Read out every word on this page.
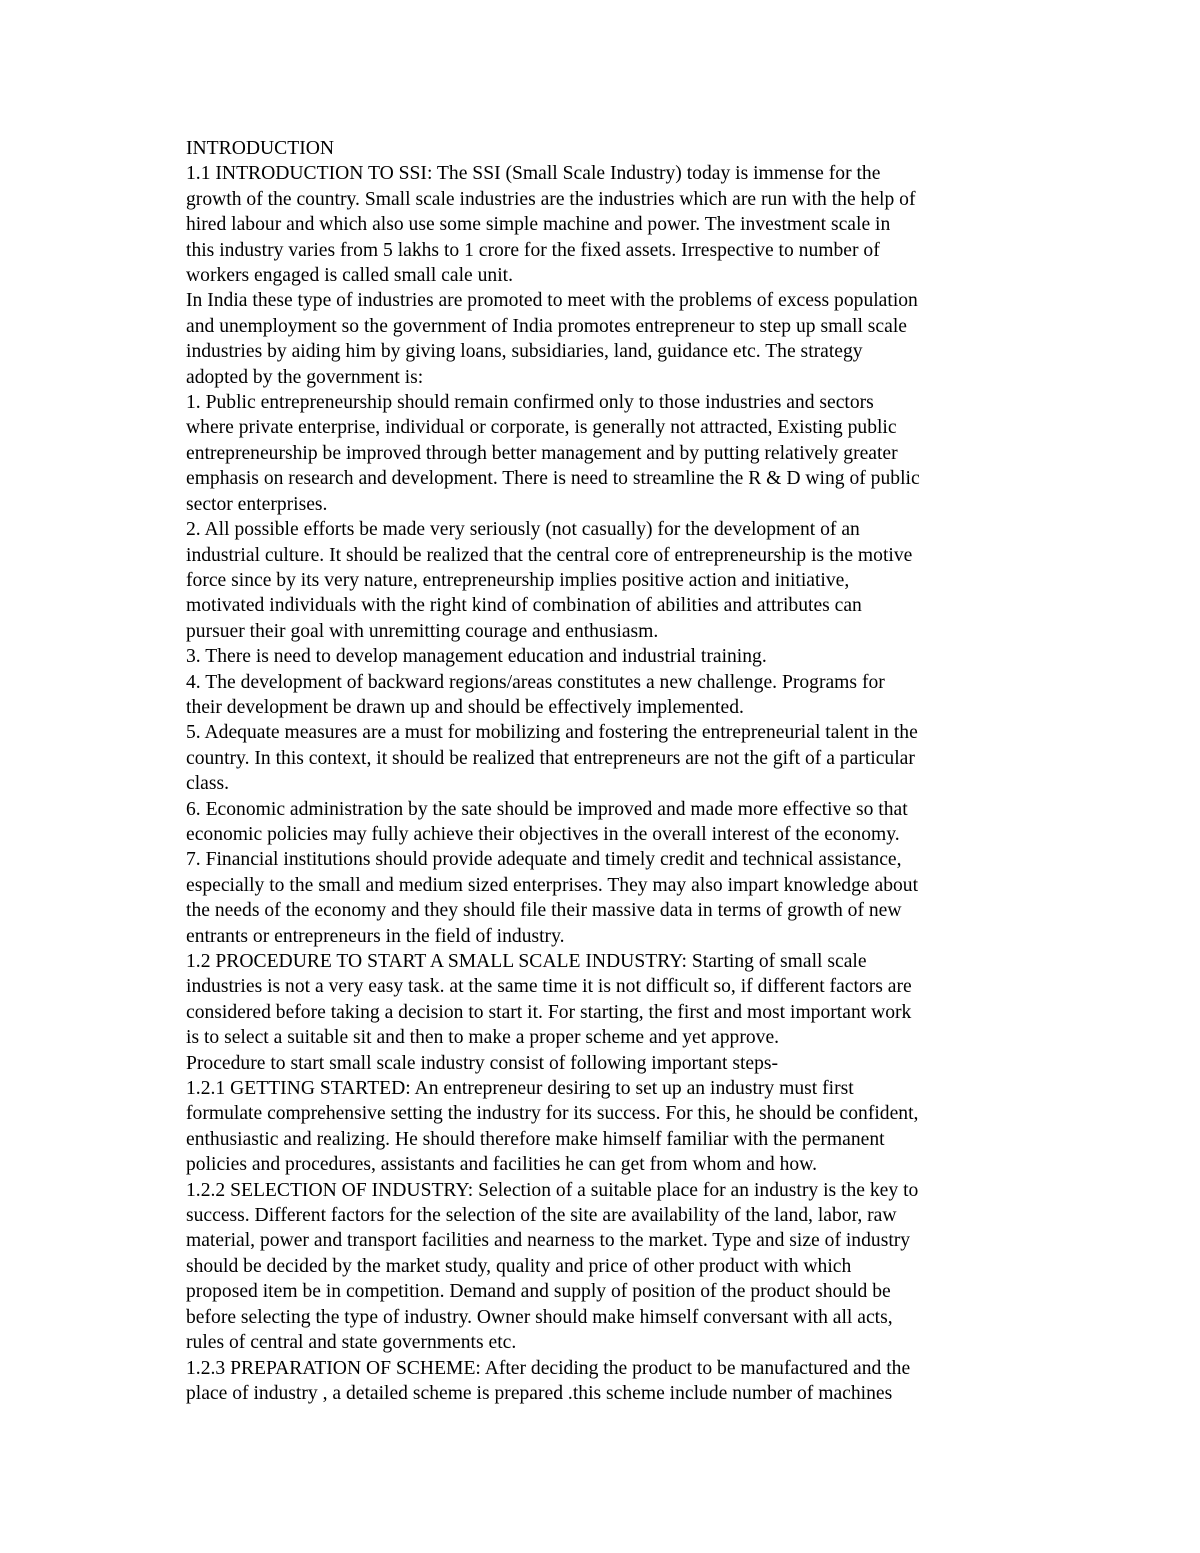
INTRODUCTION
1.1 INTRODUCTION TO SSI: The SSI (Small Scale Industry) today is immense for the
growth of the country. Small scale industries are the industries which are run with the help of
hired labour and which also use some simple machine and power. The investment scale in
this industry varies from 5 lakhs to 1 crore for the fixed assets. Irrespective to number of
workers engaged is called small cale unit.
In India these type of industries are promoted to meet with the problems of excess population
and unemployment so the government of India promotes entrepreneur to step up small scale
industries by aiding him by giving loans, subsidiaries, land, guidance etc. The strategy
adopted by the government is:
1. Public entrepreneurship should remain confirmed only to those industries and sectors
where private enterprise, individual or corporate, is generally not attracted, Existing public
entrepreneurship be improved through better management and by putting relatively greater
emphasis on research and development. There is need to streamline the R & D wing of public
sector enterprises.
2. All possible efforts be made very seriously (not casually) for the development of an
industrial culture. It should be realized that the central core of entrepreneurship is the motive
force since by its very nature, entrepreneurship implies positive action and initiative,
motivated individuals with the right kind of combination of abilities and attributes can
pursuer their goal with unremitting courage and enthusiasm.
3. There is need to develop management education and industrial training.
4. The development of backward regions/areas constitutes a new challenge. Programs for
their development be drawn up and should be effectively implemented.
5. Adequate measures are a must for mobilizing and fostering the entrepreneurial talent in the
country. In this context, it should be realized that entrepreneurs are not the gift of a particular
class.
6. Economic administration by the sate should be improved and made more effective so that
economic policies may fully achieve their objectives in the overall interest of the economy.
7. Financial institutions should provide adequate and timely credit and technical assistance,
especially to the small and medium sized enterprises. They may also impart knowledge about
the needs of the economy and they should file their massive data in terms of growth of new
entrants or entrepreneurs in the field of industry.
1.2 PROCEDURE TO START A SMALL SCALE INDUSTRY: Starting of small scale
industries is not a very easy task. at the same time it is not difficult so, if different factors are
considered before taking a decision to start it. For starting, the first and most important work
is to select a suitable sit and then to make a proper scheme and yet approve.
Procedure to start small scale industry consist of following important steps-
1.2.1 GETTING STARTED: An entrepreneur desiring to set up an industry must first
formulate comprehensive setting the industry for its success. For this, he should be confident,
enthusiastic and realizing. He should therefore make himself familiar with the permanent
policies and procedures, assistants and facilities he can get from whom and how.
1.2.2 SELECTION OF INDUSTRY: Selection of a suitable place for an industry is the key to
success. Different factors for the selection of the site are availability of the land, labor, raw
material, power and transport facilities and nearness to the market. Type and size of industry
should be decided by the market study, quality and price of other product with which
proposed item be in competition. Demand and supply of position of the product should be
before selecting the type of industry. Owner should make himself conversant with all acts,
rules of central and state governments etc.
1.2.3 PREPARATION OF SCHEME: After deciding the product to be manufactured and the
place of industry , a detailed scheme is prepared .this scheme include number of machines
